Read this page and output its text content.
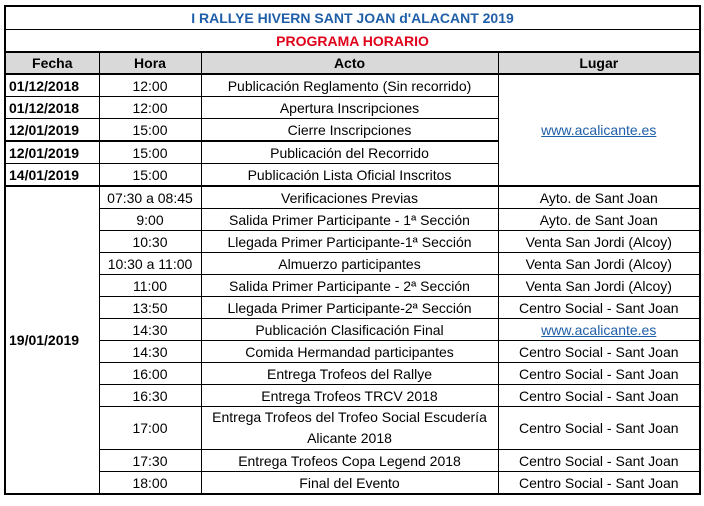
I RALLYE HIVERN SANT JOAN d'ALACANT 2019			
PROGRAMA HORARIO			
Fecha	Hora	Acto	Lugar
01/12/2018	12:00	Publicación Reglamento (Sin recorrido)	www.acalicante.es
01/12/2018	12:00	Apertura Inscripciones	
12/01/2019	15:00	Cierre Inscripciones	
12/01/2019	15:00	Publicación del Recorrido	
14/01/2019	15:00	Publicación Lista Oficial Inscritos	
19/01/2019	07:30 a 08:45	Verificaciones Previas	Ayto. de Sant Joan
	9:00	Salida Primer Participante - 1ª Sección	Ayto. de Sant Joan
	10:30	Llegada Primer Participante-1ª Sección	Venta San Jordi (Alcoy)
	10:30 a 11:00	Almuerzo participantes	Venta San Jordi (Alcoy)
	11:00	Salida Primer Participante - 2ª Sección	Venta San Jordi (Alcoy)
	13:50	Llegada Primer Participante-2ª Sección	Centro Social - Sant Joan
	14:30	Publicación Clasificación Final	www.acalicante.es
	14:30	Comida Hermandad participantes	Centro Social - Sant Joan
	16:00	Entrega Trofeos del Rallye	Centro Social - Sant Joan
	16:30	Entrega Trofeos TRCV 2018	Centro Social - Sant Joan
	17:00	Entrega Trofeos del Trofeo Social Escudería Alicante 2018	Centro Social - Sant Joan
	17:30	Entrega Trofeos Copa Legend 2018	Centro Social - Sant Joan
	18:00	Final del Evento	Centro Social - Sant Joan
